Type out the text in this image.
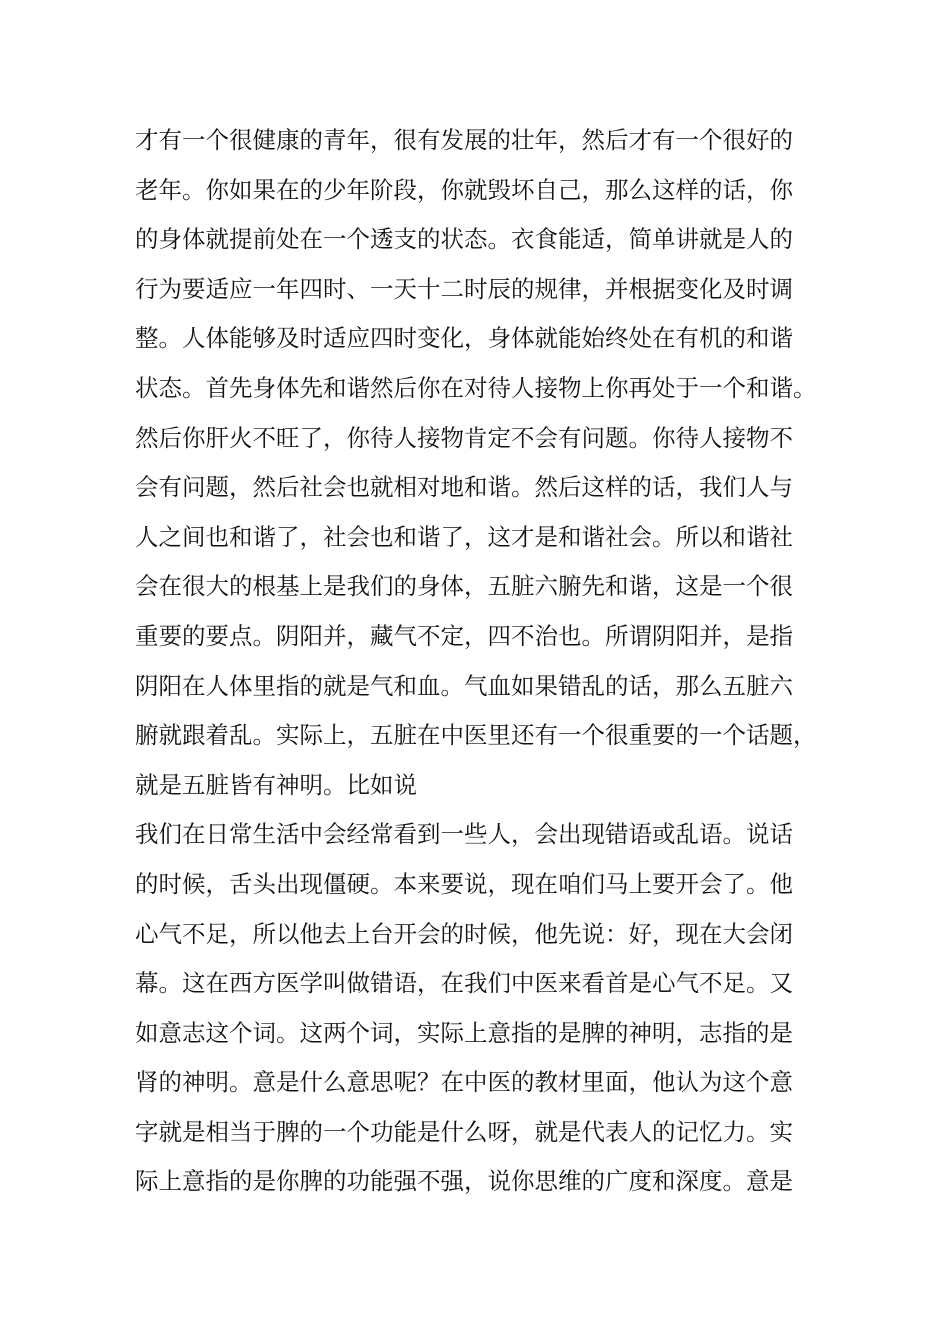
才有一个很健康的青年，很有发展的壮年，然后才有一个很好的
老年。你如果在的少年阶段，你就毁坏自己，那么这样的话，你
的身体就提前处在一个透支的状态。衣食能适，简单讲就是人的
行为要适应一年四时、一天十二时辰的规律，并根据变化及时调
整。人体能够及时适应四时变化，身体就能始终处在有机的和谐
状态。首先身体先和谐然后你在对待人接物上你再处于一个和谐。
然后你肝火不旺了，你待人接物肯定不会有问题。你待人接物不
会有问题，然后社会也就相对地和谐。然后这样的话，我们人与
人之间也和谐了，社会也和谐了，这才是和谐社会。所以和谐社
会在很大的根基上是我们的身体，五脏六腑先和谐，这是一个很
重要的要点。阴阳并，藏气不定，四不治也。所谓阴阳并，是指
阴阳在人体里指的就是气和血。气血如果错乱的话，那么五脏六
腑就跟着乱。实际上，五脏在中医里还有一个很重要的一个话题，
就是五脏皆有神明。比如说
我们在日常生活中会经常看到一些人，会出现错语或乱语。说话
的时候，舌头出现僵硬。本来要说，现在咱们马上要开会了。他
心气不足，所以他去上台开会的时候，他先说：好，现在大会闭
幕。这在西方医学叫做错语，在我们中医来看首是心气不足。又
如意志这个词。这两个词，实际上意指的是脾的神明，志指的是
肾的神明。意是什么意思呢？在中医的教材里面，他认为这个意
字就是相当于脾的一个功能是什么呀，就是代表人的记忆力。实
际上意指的是你脾的功能强不强，说你思维的广度和深度。意是
